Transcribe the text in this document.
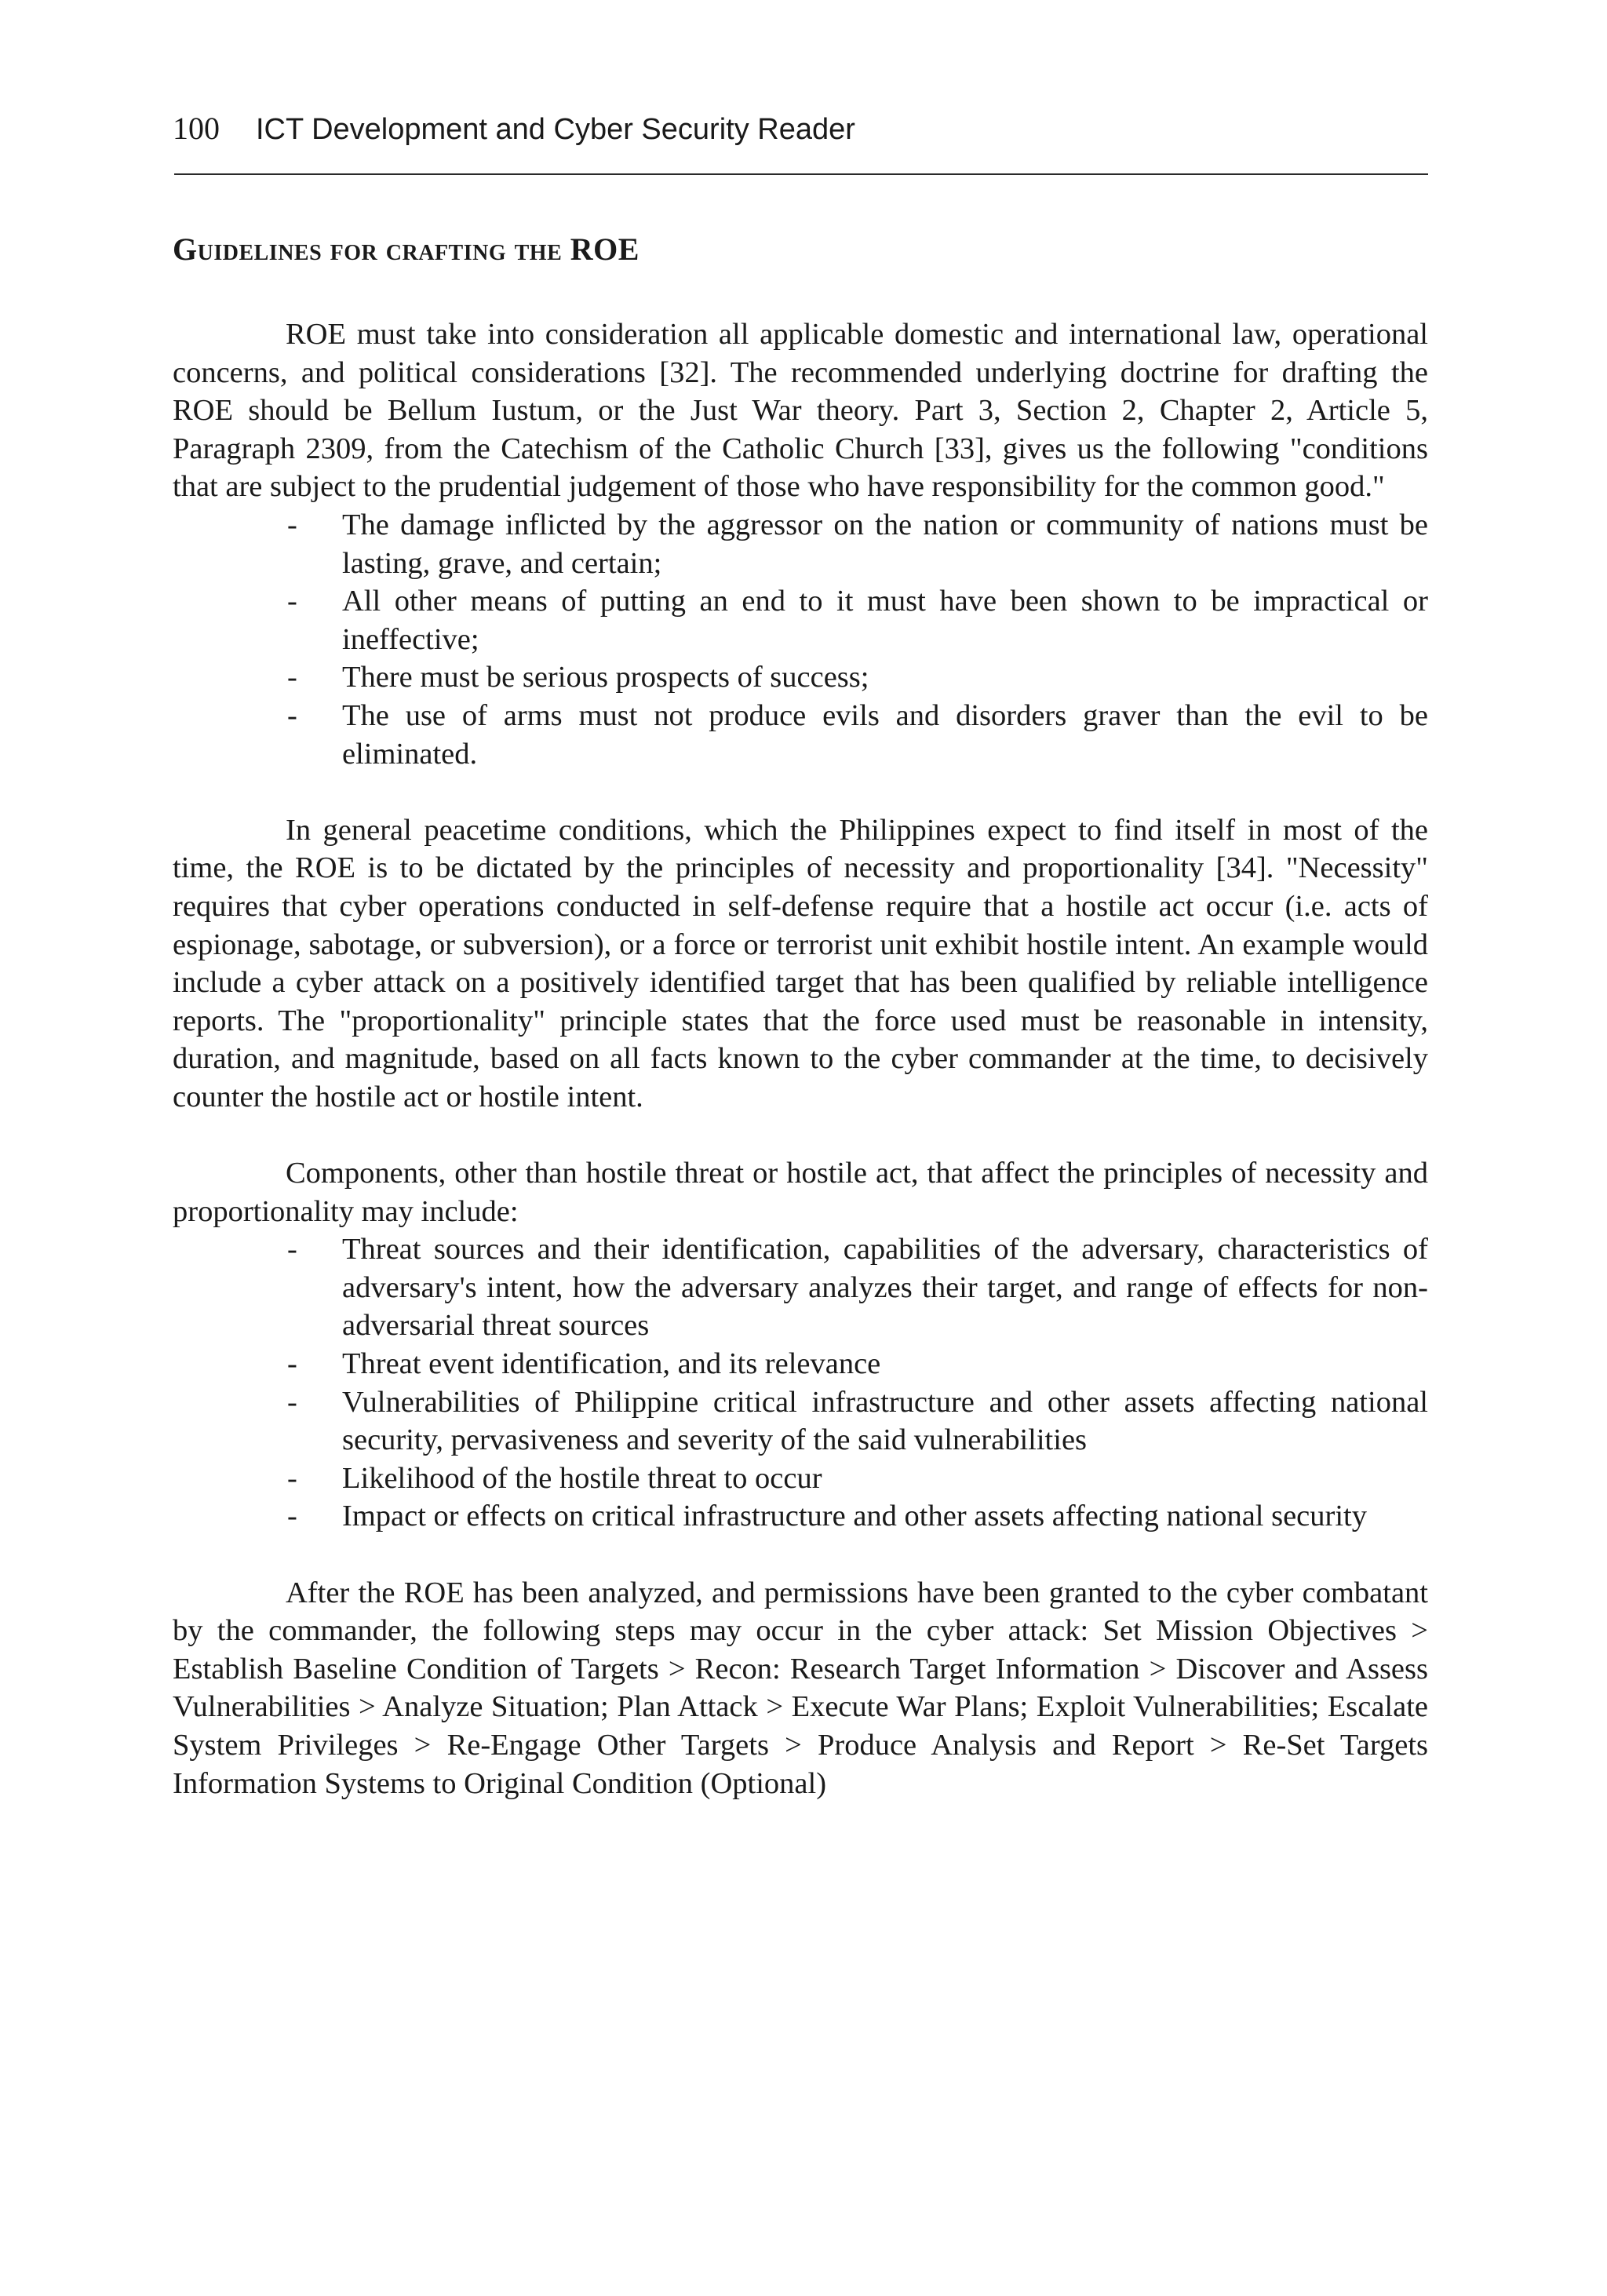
100 ICT Development and Cyber Security Reader
Guidelines for crafting the ROE

ROE must take into consideration all applicable domestic and international law, operational concerns, and political considerations [32]. The recommended underlying doctrine for drafting the ROE should be Bellum Iustum, or the Just War theory. Part 3, Section 2, Chapter 2, Article 5, Paragraph 2309, from the Catechism of the Catholic Church [33], gives us the following "conditions that are subject to the prudential judgement of those who have responsibility for the common good."

- The damage inflicted by the aggressor on the nation or community of nations must be lasting, grave, and certain;
- All other means of putting an end to it must have been shown to be impractical or ineffective;
- There must be serious prospects of success;
- The use of arms must not produce evils and disorders graver than the evil to be eliminated.

In general peacetime conditions, which the Philippines expect to find itself in most of the time, the ROE is to be dictated by the principles of necessity and proportionality [34]. "Necessity" requires that cyber operations conducted in self-defense require that a hostile act occur (i.e. acts of espionage, sabotage, or subversion), or a force or terrorist unit exhibit hostile intent. An example would include a cyber attack on a positively identified target that has been qualified by reliable intelligence reports. The "proportionality" principle states that the force used must be reasonable in intensity, duration, and magnitude, based on all facts known to the cyber commander at the time, to decisively counter the hostile act or hostile intent.

Components, other than hostile threat or hostile act, that affect the principles of necessity and proportionality may include:

- Threat sources and their identification, capabilities of the adversary, characteristics of adversary's intent, how the adversary analyzes their target, and range of effects for non-adversarial threat sources
- Threat event identification, and its relevance
- Vulnerabilities of Philippine critical infrastructure and other assets affecting national security, pervasiveness and severity of the said vulnerabilities
- Likelihood of the hostile threat to occur
- Impact or effects on critical infrastructure and other assets affecting national security

After the ROE has been analyzed, and permissions have been granted to the cyber combatant by the commander, the following steps may occur in the cyber attack: Set Mission Objectives > Establish Baseline Condition of Targets > Recon: Research Target Information > Discover and Assess Vulnerabilities > Analyze Situation; Plan Attack > Execute War Plans; Exploit Vulnerabilities; Escalate System Privileges > Re-Engage Other Targets > Produce Analysis and Report > Re-Set Targets Information Systems to Original Condition (Optional)
